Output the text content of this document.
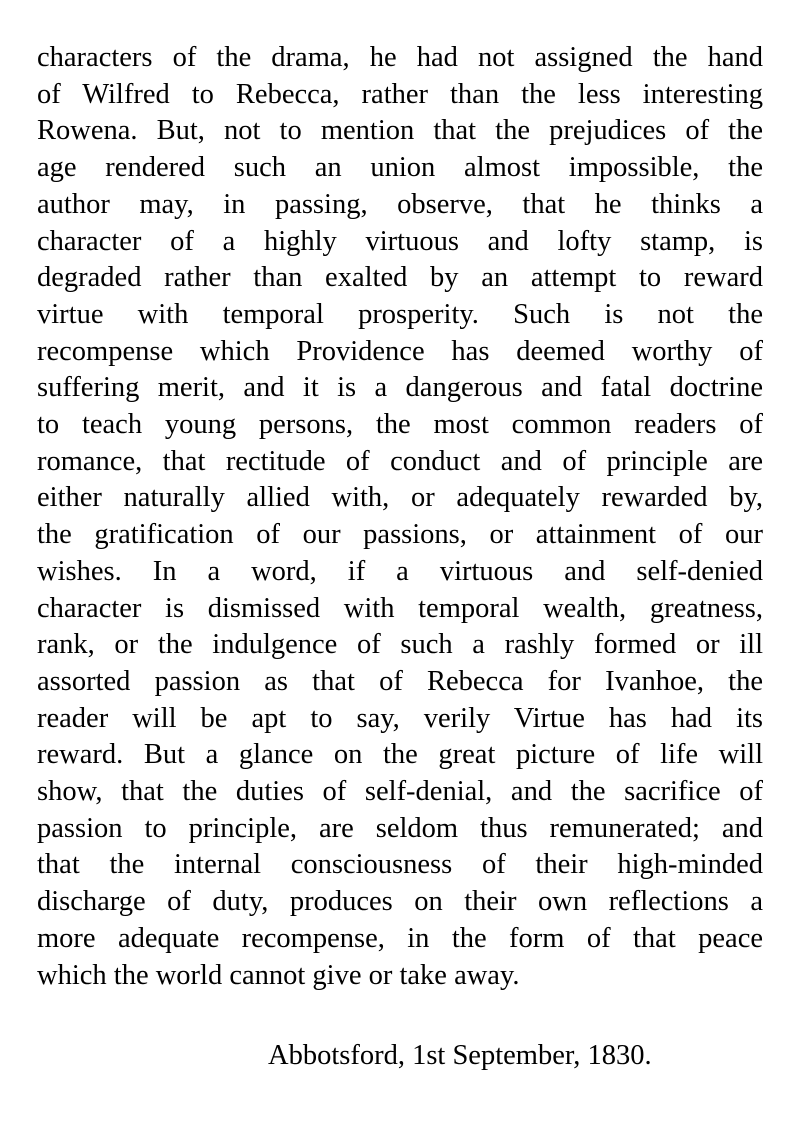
characters of the drama, he had not assigned the hand
of Wilfred to Rebecca, rather than the less interesting
Rowena. But, not to mention that the prejudices of the
age rendered such an union almost impossible, the
author may, in passing, observe, that he thinks a
character of a highly virtuous and lofty stamp, is
degraded rather than exalted by an attempt to reward
virtue with temporal prosperity. Such is not the
recompense which Providence has deemed worthy of
suffering merit, and it is a dangerous and fatal doctrine
to teach young persons, the most common readers of
romance, that rectitude of conduct and of principle are
either naturally allied with, or adequately rewarded by,
the gratification of our passions, or attainment of our
wishes. In a word, if a virtuous and self-denied
character is dismissed with temporal wealth, greatness,
rank, or the indulgence of such a rashly formed or ill
assorted passion as that of Rebecca for Ivanhoe, the
reader will be apt to say, verily Virtue has had its
reward. But a glance on the great picture of life will
show, that the duties of self-denial, and the sacrifice of
passion to principle, are seldom thus remunerated; and
that the internal consciousness of their high-minded
discharge of duty, produces on their own reflections a
more adequate recompense, in the form of that peace
which the world cannot give or take away.
Abbotsford, 1st September, 1830.
